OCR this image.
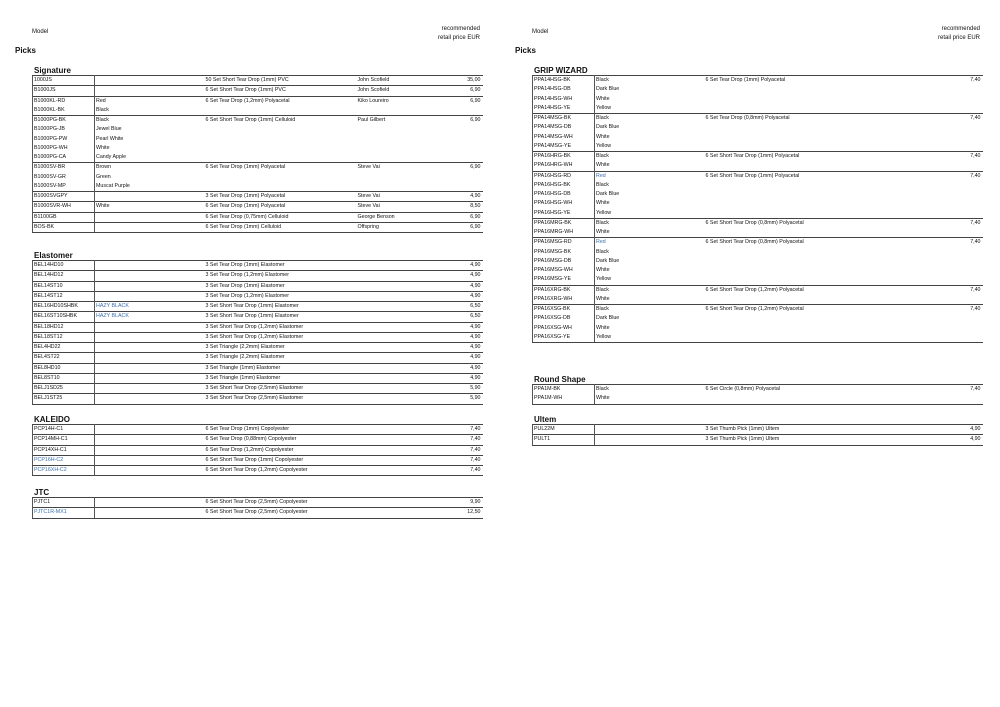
Model	recommended
retail price EUR
Picks
Signature
1000JS		50 Set Short Tear Drop (1mm) PVC	John Scofield	35,00
B1000JS		6 Set Short Tear Drop (1mm) PVC	John Scofield	6,90
B1000KL-RD	Red	6 Set Tear Drop (1,2mm) Polyacetal	Kiko Loureiro	6,90
B1000KL-BK	Black			
B1000PG-BK	Black	6 Set Short Tear Drop (1mm) Celluloid	Paul Gilbert	6,90
B1000PG-JB	Jewel Blue			
B1000PG-PW	Pearl White			
B1000PG-WH	White			
B1000PG-CA	Candy Apple			
B1000SV-BR	Brown	6 Set Tear Drop (1mm) Polyacetal	Steve Vai	6,90
B1000SV-GR	Green			
B1000SV-MP	Muscat Purple			
B1000SVGPY		3 Set Tear Drop (1mm) Polyacetal	Steve Vai	4,90
B1000SVR-WH	White	6 Set Tear Drop (1mm) Polyacetal	Steve Vai	8,50
B1100GB		6 Set Tear Drop (0,75mm) Celluloid	George Benson	6,90
BOS-BK		6 Set Tear Drop (1mm) Celluloid	Offspring	6,90
Elastomer
BEL14HD10		3 Set Tear Drop (1mm) Elastomer		4,90
BEL14HD12		3 Set Tear Drop (1,2mm) Elastomer		4,90
BEL14ST10		3 Set Tear Drop (1mm) Elastomer		4,90
BEL14ST12		3 Set Tear Drop (1,2mm) Elastomer		4,90
BEL16HD10SHBK	HAZY BLACK	3 Set Short Tear Drop (1mm) Elastomer		6,50
BEL16ST10SHBK	HAZY BLACK	3 Set Short Tear Drop (1mm) Elastomer		6,50
BEL18HD12		3 Set Short Tear Drop (1,2mm) Elastomer		4,90
BEL18ST12		3 Set Short Tear Drop (1,2mm) Elastomer		4,90
BEL4HD22		3 Set Triangle (2,2mm) Elastomer		4,90
BEL4ST22		3 Set Triangle (2,2mm) Elastomer		4,90
BEL8HD10		3 Set Triangle (1mm) Elastomer		4,90
BEL8ST10		3 Set Triangle (1mm) Elastomer		4,90
BELJ1SD25		3 Set Short Tear Drop (2,5mm) Elastomer		5,90
BELJ1ST25		3 Set Short Tear Drop (2,5mm) Elastomer		5,90
KALEIDO
PCP14H-C1		6 Set Tear Drop (1mm) Copolyester		7,40
PCP14MH-C1		6 Set Tear Drop (0,88mm) Copolyester		7,40
PCP14XH-C1		6 Set Tear Drop (1,2mm) Copolyester		7,40
PCP16H-C2		6 Set Short Tear Drop (1mm) Copolyester		7,40
PCP16XH-C2		6 Set Short Tear Drop (1,2mm) Copolyester		7,40
JTC
PJTC1		6 Set Short Tear Drop (2,5mm) Copolyester		9,90
PJTC1R-MX1		6 Set Short Tear Drop (2,5mm) Copolyester		12,50
Model	recommended
retail price EUR
Picks
GRIP WIZARD
PPA14HSG-BK	Black	6 Set Tear Drop (1mm) Polyacetal	7,40
PPA14HSG-DB	Dark Blue		
PPA14HSG-WH	White		
PPA14HSG-YE	Yellow		
PPA14MSG-BK	Black	6 Set Tear Drop (0,8mm) Polyacetal	7,40
PPA14MSG-DB	Dark Blue		
PPA14MSG-WH	White		
PPA14MSG-YE	Yellow		
PPA16HRG-BK	Black	6 Set Short Tear Drop (1mm) Polyacetal	7,40
PPA16HRG-WH	White		
PPA16HSG-RD	Red	6 Set Short Tear Drop (1mm) Polyacetal	7,40
PPA16HSG-BK	Black		
PPA16HSG-DB	Dark Blue		
PPA16HSG-WH	White		
PPA16HSG-YE	Yellow		
PPA16MRG-BK	Black	6 Set Short Tear Drop (0,8mm) Polyacetal	7,40
PPA16MRG-WH	White		
PPA16MSG-RD	Red	6 Set Short Tear Drop (0,8mm) Polyacetal	7,40
PPA16MSG-BK	Black		
PPA16MSG-DB	Dark Blue		
PPA16MSG-WH	White		
PPA16MSG-YE	Yellow		
PPA16XRG-BK	Black	6 Set Short Tear Drop (1,2mm) Polyacetal	7,40
PPA16XRG-WH	White		
PPA16XSG-BK	Black	6 Set Short Tear Drop (1,2mm) Polyacetal	7,40
PPA16XSG-DB	Dark Blue		
PPA16XSG-WH	White		
PPA16XSG-YE	Yellow		
Round Shape
PPA1M-BK	Black	6 Set Circle (0,8mm) Polyacetal	7,40
PPA1M-WH	White		
Ultem
PUL22M		3 Set Thumb Pick (1mm) Ultem	4,90
PULT1		3 Set Thumb Pick (1mm) Ultem	4,90
